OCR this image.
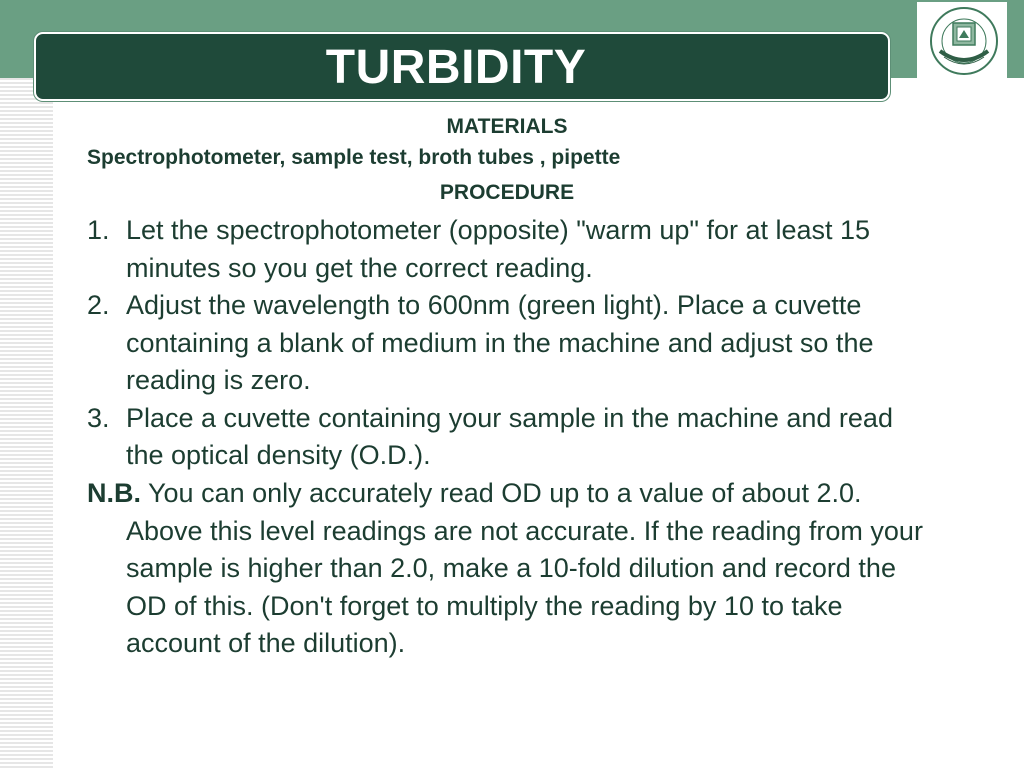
TURBIDITY
MATERIALS
Spectrophotometer, sample test, broth tubes , pipette
PROCEDURE
1. Let the spectrophotometer (opposite) "warm up" for at least 15 minutes so you get the correct reading.
2. Adjust the wavelength to 600nm (green light). Place a cuvette containing a blank of medium in the machine and adjust so the reading is zero.
3. Place a cuvette containing your sample in the machine and read the optical density (O.D.).
N.B. You can only accurately read OD up to a value of about 2.0. Above this level readings are not accurate. If the reading from your sample is higher than 2.0, make a 10-fold dilution and record the OD of this. (Don't forget to multiply the reading by 10 to take account of the dilution).
